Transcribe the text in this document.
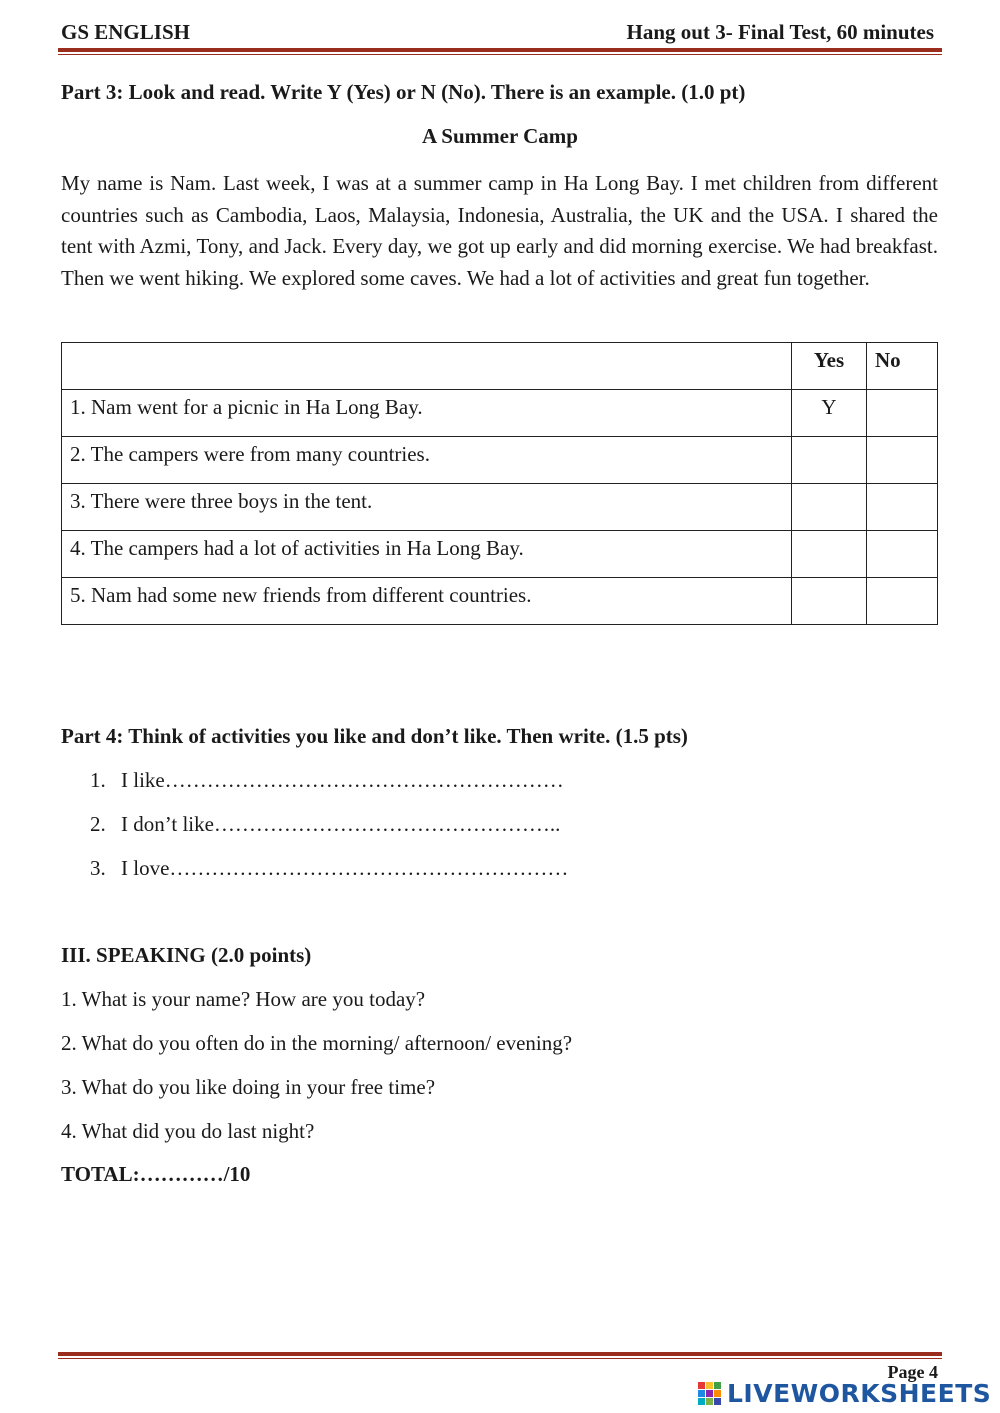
GS ENGLISH	Hang out 3- Final Test, 60 minutes
Part 3: Look and read. Write Y (Yes) or N (No). There is an example. (1.0 pt)
A Summer Camp
My name is Nam. Last week, I was at a summer camp in Ha Long Bay. I met children from different countries such as Cambodia, Laos, Malaysia, Indonesia, Australia, the UK and the USA. I shared the tent with Azmi, Tony, and Jack. Every day, we got up early and did morning exercise. We had breakfast. Then we went hiking. We explored some caves. We had a lot of activities and great fun together.
	Yes	No
1. Nam went for a picnic in Ha Long Bay.	Y	
2. The campers were from many countries.		
3. There were three boys in the tent.		
4. The campers had a lot of activities in Ha Long Bay.		
5. Nam had some new friends from different countries.		
Part 4: Think of activities you like and don’t like. Then write. (1.5 pts)
1. I like…………………………………………………
2. I don’t like…………………………………………..
3. I love…………………………………………………
III. SPEAKING (2.0 points)
1. What is your name? How are you today?
2. What do you often do in the morning/ afternoon/ evening?
3. What do you like doing in your free time?
4. What did you do last night?
TOTAL:…………/10
Page 4
LIVEWORKSHEETS
